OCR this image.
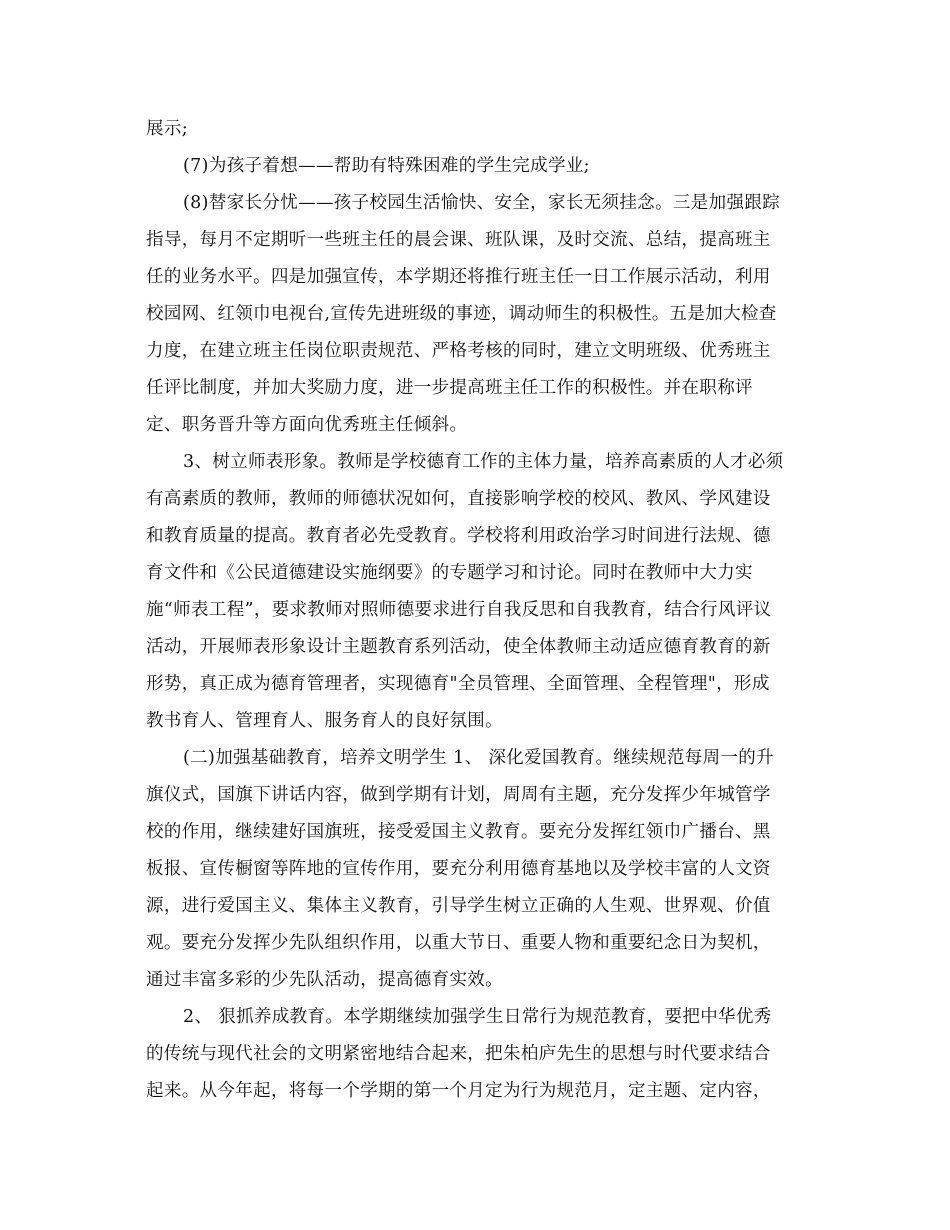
展示;
(7)为孩子着想——帮助有特殊困难的学生完成学业;
(8)替家长分忧——孩子校园生活愉快、安全，家长无须挂念。三是加强跟踪
指导，每月不定期听一些班主任的晨会课、班队课，及时交流、总结，提高班主
任的业务水平。四是加强宣传，本学期还将推行班主任一日工作展示活动，利用
校园网、红领巾电视台,宣传先进班级的事迹，调动师生的积极性。五是加大检查
力度，在建立班主任岗位职责规范、严格考核的同时，建立文明班级、优秀班主
任评比制度，并加大奖励力度，进一步提高班主任工作的积极性。并在职称评
定、职务晋升等方面向优秀班主任倾斜。
3、树立师表形象。教师是学校德育工作的主体力量，培养高素质的人才必须
有高素质的教师，教师的师德状况如何，直接影响学校的校风、教风、学风建设
和教育质量的提高。教育者必先受教育。学校将利用政治学习时间进行法规、德
育文件和《公民道德建设实施纲要》的专题学习和讨论。同时在教师中大力实
施“师表工程”，要求教师对照师德要求进行自我反思和自我教育，结合行风评议
活动，开展师表形象设计主题教育系列活动，使全体教师主动适应德育教育的新
形势，真正成为德育管理者，实现德育"全员管理、全面管理、全程管理"，形成
教书育人、管理育人、服务育人的良好氛围。
(二)加强基础教育，培养文明学生 1、 深化爱国教育。继续规范每周一的升
旗仪式，国旗下讲话内容，做到学期有计划，周周有主题，充分发挥少年城管学
校的作用，继续建好国旗班，接受爱国主义教育。要充分发挥红领巾广播台、黑
板报、宣传橱窗等阵地的宣传作用，要充分利用德育基地以及学校丰富的人文资
源，进行爱国主义、集体主义教育，引导学生树立正确的人生观、世界观、价值
观。要充分发挥少先队组织作用，以重大节日、重要人物和重要纪念日为契机，
通过丰富多彩的少先队活动，提高德育实效。
2、 狠抓养成教育。本学期继续加强学生日常行为规范教育，要把中华优秀
的传统与现代社会的文明紧密地结合起来，把朱柏庐先生的思想与时代要求结合
起来。从今年起，将每一个学期的第一个月定为行为规范月，定主题、定内容，
